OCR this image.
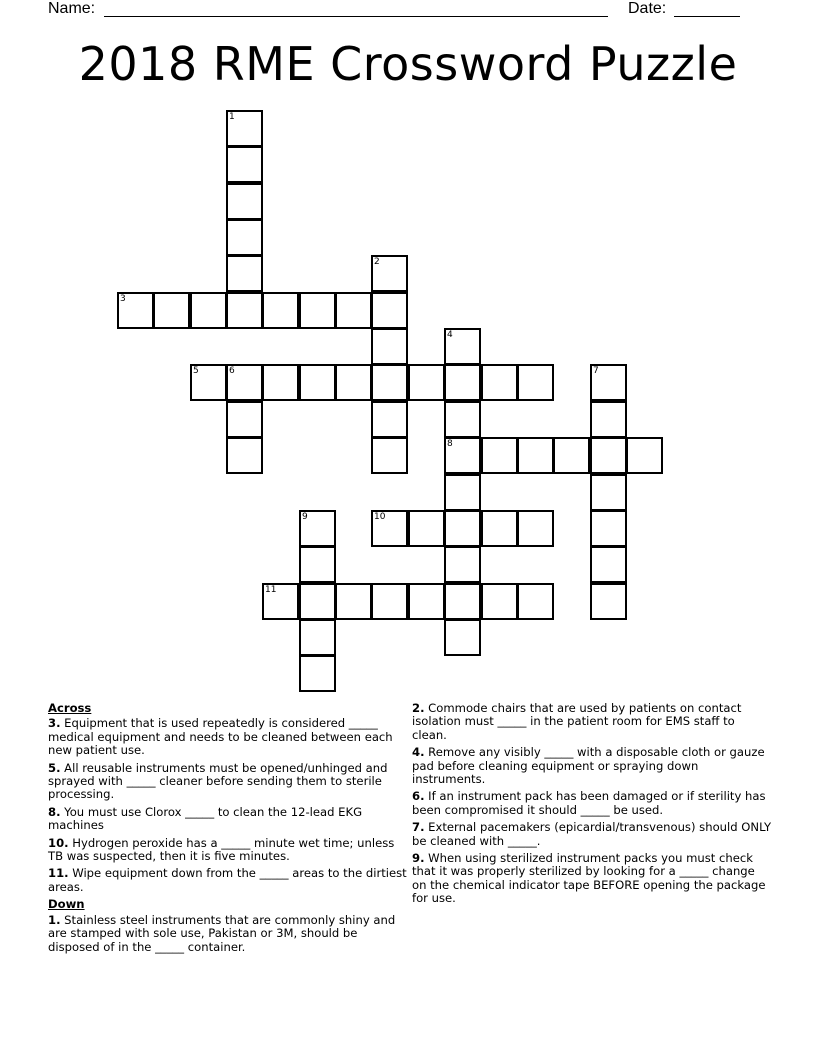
Name:	Date:
2018 RME Crossword Puzzle
3
5	6
8
10
11
1
2
4
7
9
Across
3. Equipment that is used repeatedly is considered _____ medical equipment and needs to be cleaned between each new patient use.
5. All reusable instruments must be opened/unhinged and sprayed with _____ cleaner before sending them to sterile processing.
8. You must use Clorox _____ to clean the 12-lead EKG machines
10. Hydrogen peroxide has a _____ minute wet time; unless TB was suspected, then it is five minutes.
11. Wipe equipment down from the _____ areas to the dirtiest areas.
Down
1. Stainless steel instruments that are commonly shiny and are stamped with sole use, Pakistan or 3M, should be disposed of in the _____ container.
2. Commode chairs that are used by patients on contact isolation must _____ in the patient room for EMS staff to clean.
4. Remove any visibly _____ with a disposable cloth or gauze pad before cleaning equipment or spraying down instruments.
6. If an instrument pack has been damaged or if sterility has been compromised it should _____ be used.
7. External pacemakers (epicardial/transvenous) should ONLY be cleaned with _____.
9. When using sterilized instrument packs you must check that it was properly sterilized by looking for a _____ change on the chemical indicator tape BEFORE opening the package for use.
